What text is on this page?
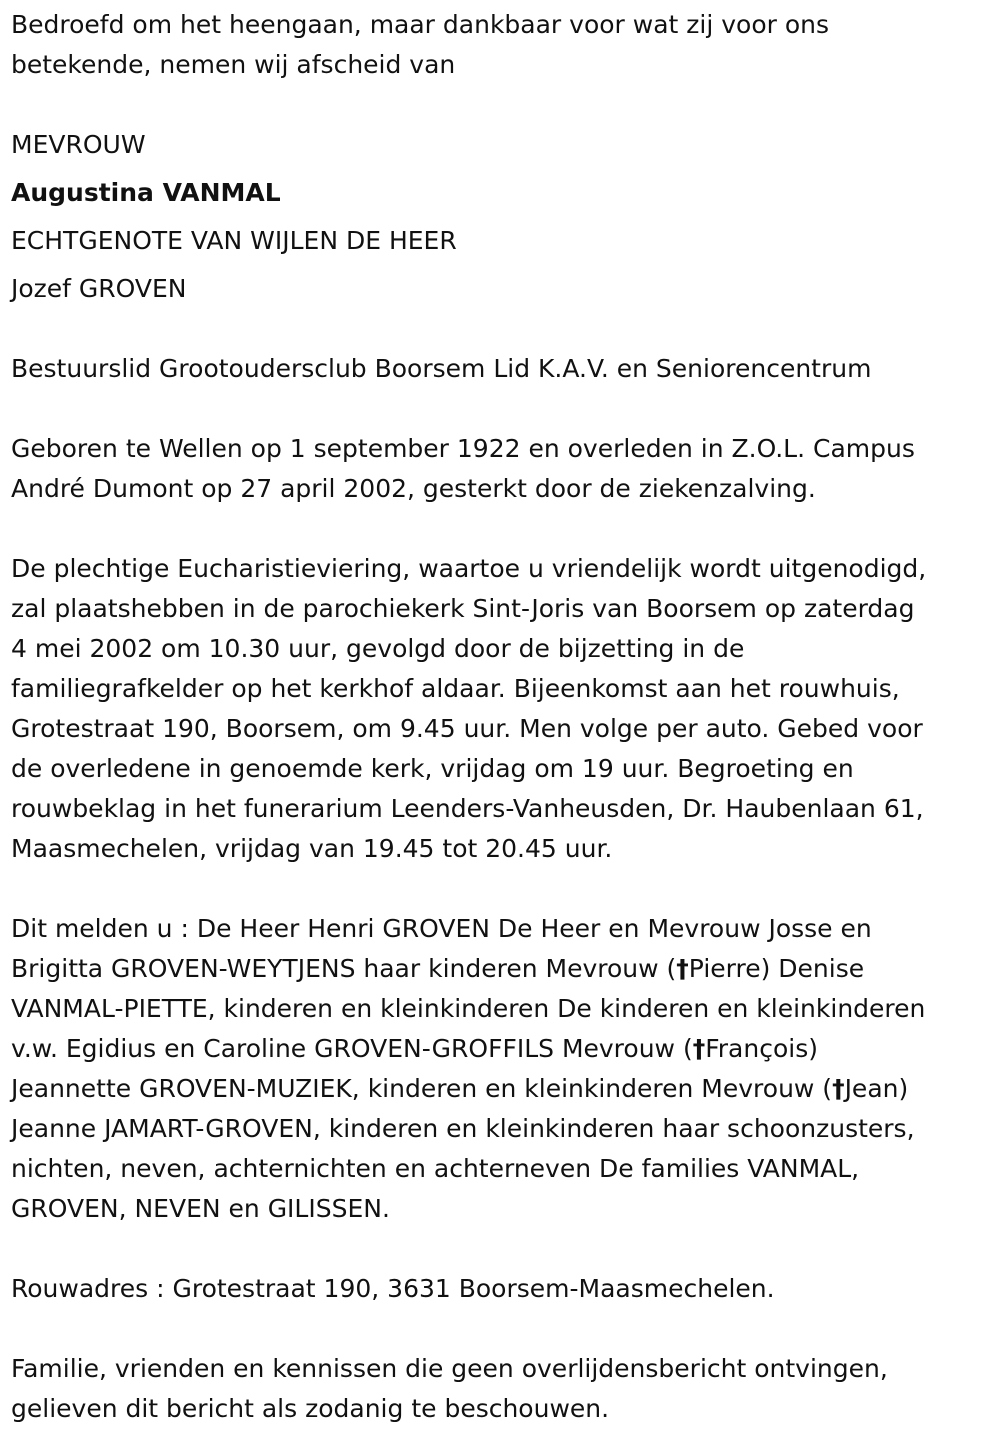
Bedroefd om het heengaan, maar dankbaar voor wat zij voor ons
betekende, nemen wij afscheid van

MEVROUW
Augustina VANMAL
ECHTGENOTE VAN WIJLEN DE HEER
Jozef GROVEN

Bestuurslid Grootoudersclub Boorsem Lid K.A.V. en Seniorencentrum

Geboren te Wellen op 1 september 1922 en overleden in Z.O.L. Campus
André Dumont op 27 april 2002, gesterkt door de ziekenzalving.

De plechtige Eucharistieviering, waartoe u vriendelijk wordt uitgenodigd,
zal plaatshebben in de parochiekerk Sint-Joris van Boorsem op zaterdag
4 mei 2002 om 10.30 uur, gevolgd door de bijzetting in de
familiegrafkelder op het kerkhof aldaar. Bijeenkomst aan het rouwhuis,
Grotestraat 190, Boorsem, om 9.45 uur. Men volge per auto. Gebed voor
de overledene in genoemde kerk, vrijdag om 19 uur. Begroeting en
rouwbeklag in het funerarium Leenders-Vanheusden, Dr. Haubenlaan 61,
Maasmechelen, vrijdag van 19.45 tot 20.45 uur.

Dit melden u : De Heer Henri GROVEN De Heer en Mevrouw Josse en
Brigitta GROVEN-WEYTJENS haar kinderen Mevrouw (†Pierre) Denise
VANMAL-PIETTE, kinderen en kleinkinderen De kinderen en kleinkinderen
v.w. Egidius en Caroline GROVEN-GROFFILS Mevrouw (†François)
Jeannette GROVEN-MUZIEK, kinderen en kleinkinderen Mevrouw (†Jean)
Jeanne JAMART-GROVEN, kinderen en kleinkinderen haar schoonzusters,
nichten, neven, achternichten en achterneven De families VANMAL,
GROVEN, NEVEN en GILISSEN.

Rouwadres : Grotestraat 190, 3631 Boorsem-Maasmechelen.

Familie, vrienden en kennissen die geen overlijdensbericht ontvingen,
gelieven dit bericht als zodanig te beschouwen.
